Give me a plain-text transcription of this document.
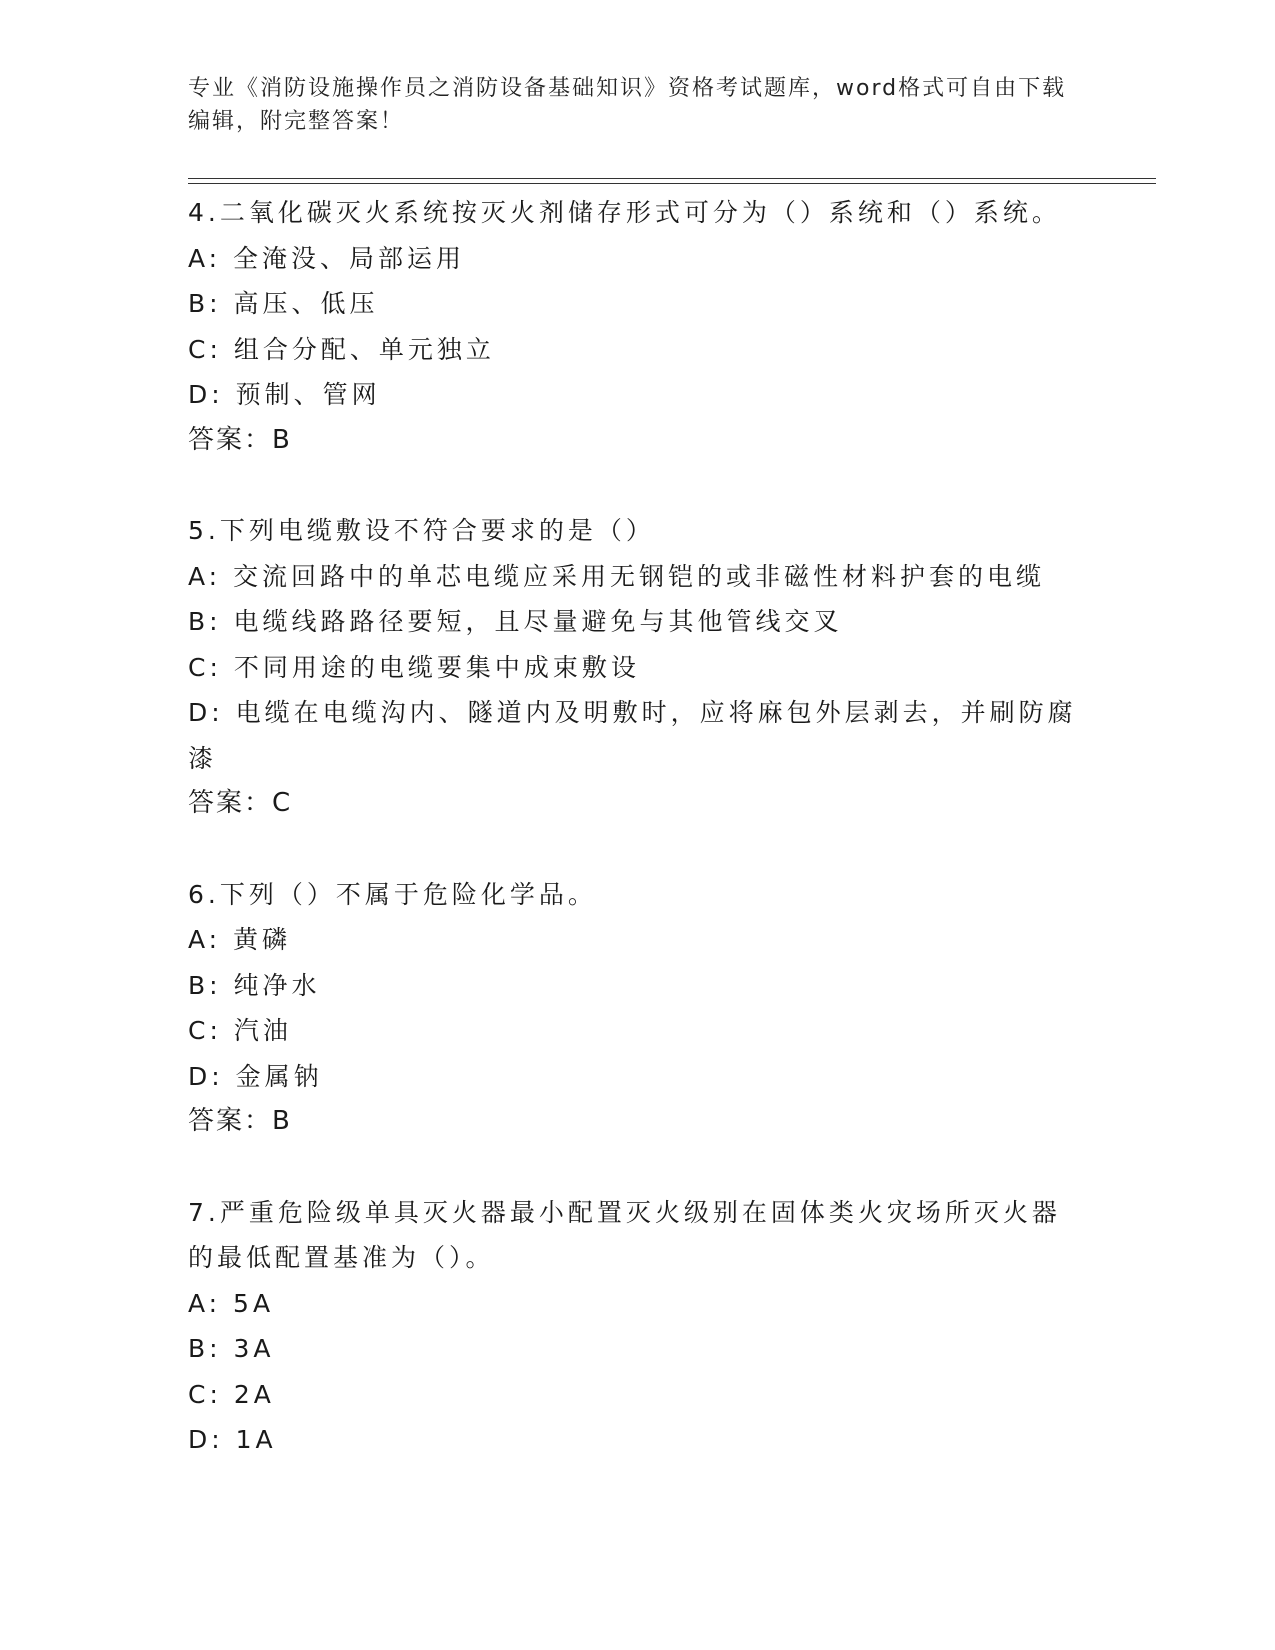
专业《消防设施操作员之消防设备基础知识》资格考试题库，word格式可自由下载编辑，附完整答案！
4.二氧化碳灭火系统按灭火剂储存形式可分为（）系统和（）系统。
A: 全淹没、局部运用
B: 高压、低压
C: 组合分配、单元独立
D: 预制、管网
答案：B
5.下列电缆敷设不符合要求的是（）
A: 交流回路中的单芯电缆应采用无钢铠的或非磁性材料护套的电缆
B: 电缆线路路径要短，且尽量避免与其他管线交叉
C: 不同用途的电缆要集中成束敷设
D: 电缆在电缆沟内、隧道内及明敷时，应将麻包外层剥去，并刷防腐漆
答案：C
6.下列（）不属于危险化学品。
A: 黄磷
B: 纯净水
C: 汽油
D: 金属钠
答案：B
7.严重危险级单具灭火器最小配置灭火级别在固体类火灾场所灭火器的最低配置基准为（）。
A: 5A
B: 3A
C: 2A
D: 1A
